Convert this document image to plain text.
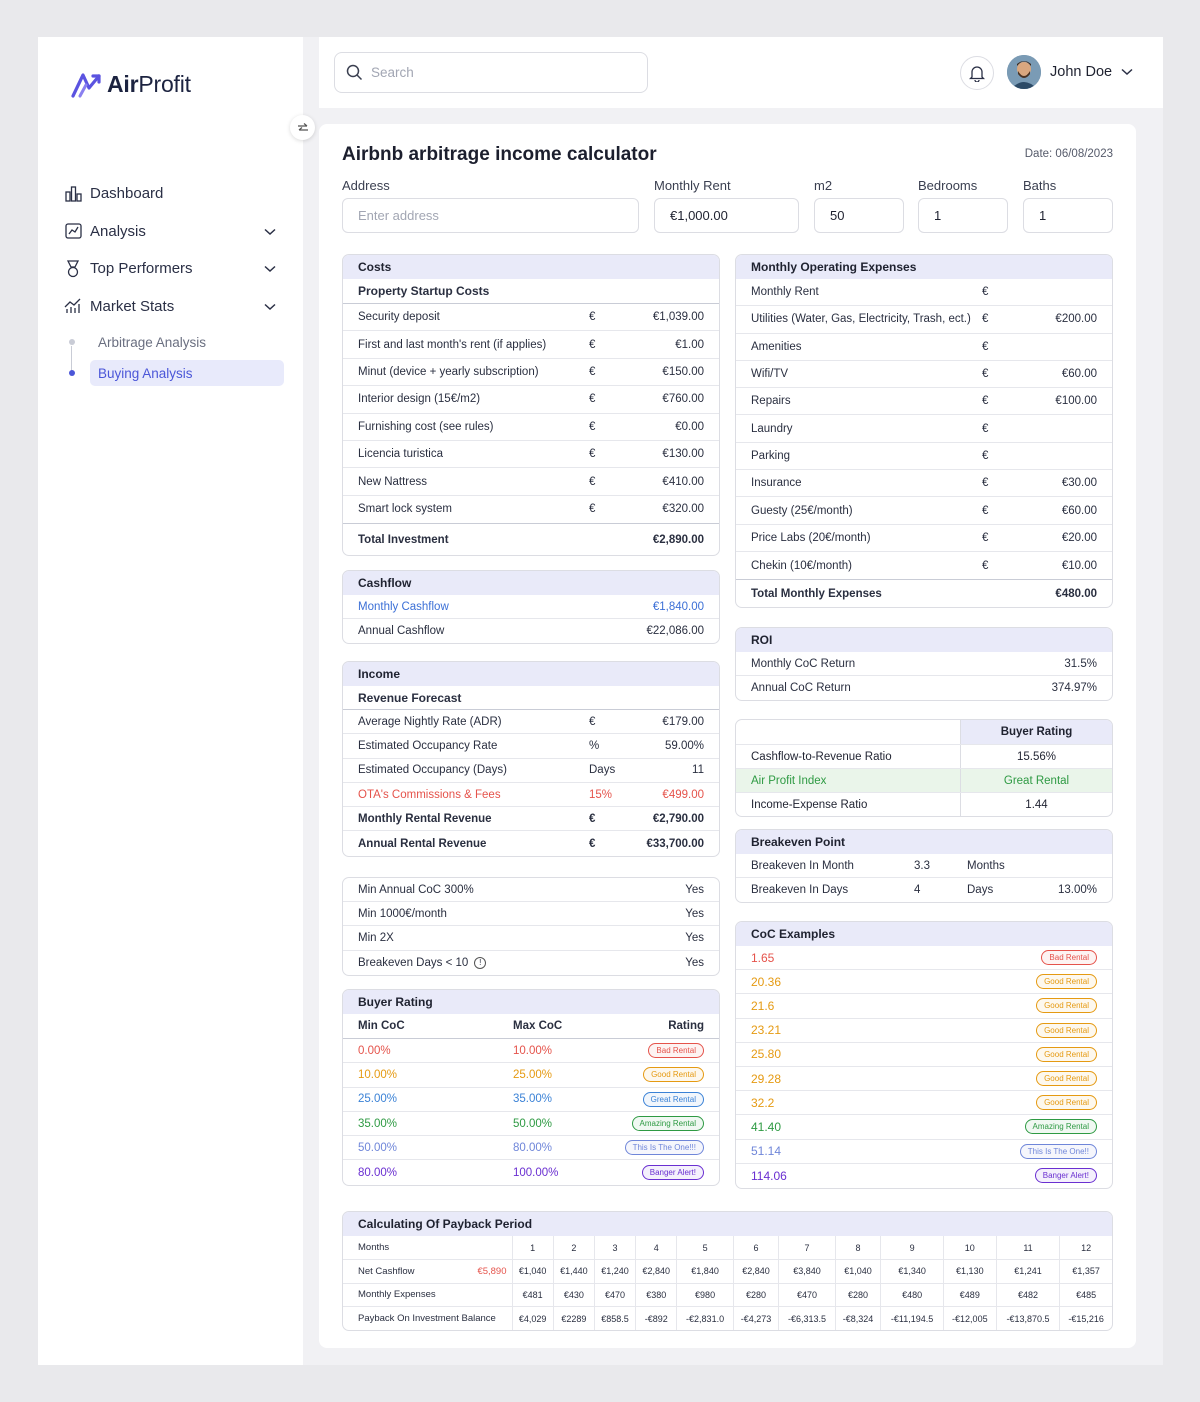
AirProfit
Dashboard
Analysis
Top Performers
Market Stats
Arbitrage Analysis
Buying Analysis
Search	John Doe
Airbnb arbitrage income calculator	Date: 06/08/2023
Address
Enter address
Monthly Rent
€1,000.00
m2
50
Bedrooms
1
Baths
1
Costs
Property Startup Costs
Security deposit	€	€1,039.00
First and last month's rent (if applies)	€	€1.00
Minut (device + yearly subscription)	€	€150.00
Interior design (15€/m2)	€	€760.00
Furnishing cost (see rules)	€	€0.00
Licencia turistica	€	€130.00
New Nattress	€	€410.00
Smart lock system	€	€320.00
Total Investment	€2,890.00
Cashflow
Monthly Cashflow	€1,840.00
Annual Cashflow	€22,086.00
Income
Revenue Forecast
Average Nightly Rate (ADR)	€	€179.00
Estimated Occupancy Rate	%	59.00%
Estimated Occupancy (Days)	Days	11
OTA's Commissions & Fees	15%	€499.00
Monthly Rental Revenue	€	€2,790.00
Annual Rental Revenue	€	€33,700.00
Min Annual CoC 300%	Yes
Min 1000€/month	Yes
Min 2X	Yes
Breakeven Days < 10	!	Yes
Buyer Rating
Min CoC	Max CoC	Rating
0.00%	10.00%	Bad Rental
10.00%	25.00%	Good Rental
25.00%	35.00%	Great Rental
35.00%	50.00%	Amazing Rental
50.00%	80.00%	This Is The One!!!
80.00%	100.00%	Banger Alert!
Monthly Operating Expenses
Monthly Rent	€
Utilities (Water, Gas, Electricity, Trash, ect.) €	€200.00
Amenities	€
Wifi/TV	€	€60.00
Repairs	€	€100.00
Laundry	€
Parking	€
Insurance	€	€30.00
Guesty (25€/month)	€	€60.00
Price Labs (20€/month)	€	€20.00
Chekin (10€/month)	€	€10.00
Total Monthly Expenses	€480.00
ROI
Monthly CoC Return	31.5%
Annual CoC Return	374.97%
Buyer Rating
Cashflow-to-Revenue Ratio	15.56%
Air Profit Index	Great Rental
Income-Expense Ratio	1.44
Breakeven Point
Breakeven In Month	3.3	Months
Breakeven In Days	4	Days	13.00%
CoC Examples
1.65	Bad Rental
20.36	Good Rental
21.6	Good Rental
23.21	Good Rental
25.80	Good Rental
29.28	Good Rental
32.2	Good Rental
41.40	Amazing Rental
51.14	This Is The One!!
114.06	Banger Alert!
Calculating Of Payback Period
Months	1	2	3	4	5	6	7	8	9	10	11	12
Net Cashflow €5,890	€1,040	€1,440	€1,240	€2,840	€1,840	€2,840	€3,840	€1,040	€1,340	€1,130	€1,241	€1,357
Monthly Expenses	€481	€430	€470	€380	€980	€280	€470	€280	€480	€489	€482	€485
Payback On Investment Balance	€4,029	€2289	€858.5	-€892	-€2,831.0	-€4,273	-€6,313.5	-€8,324	-€11,194.5	-€12,005	-€13,870.5	-€15,216
